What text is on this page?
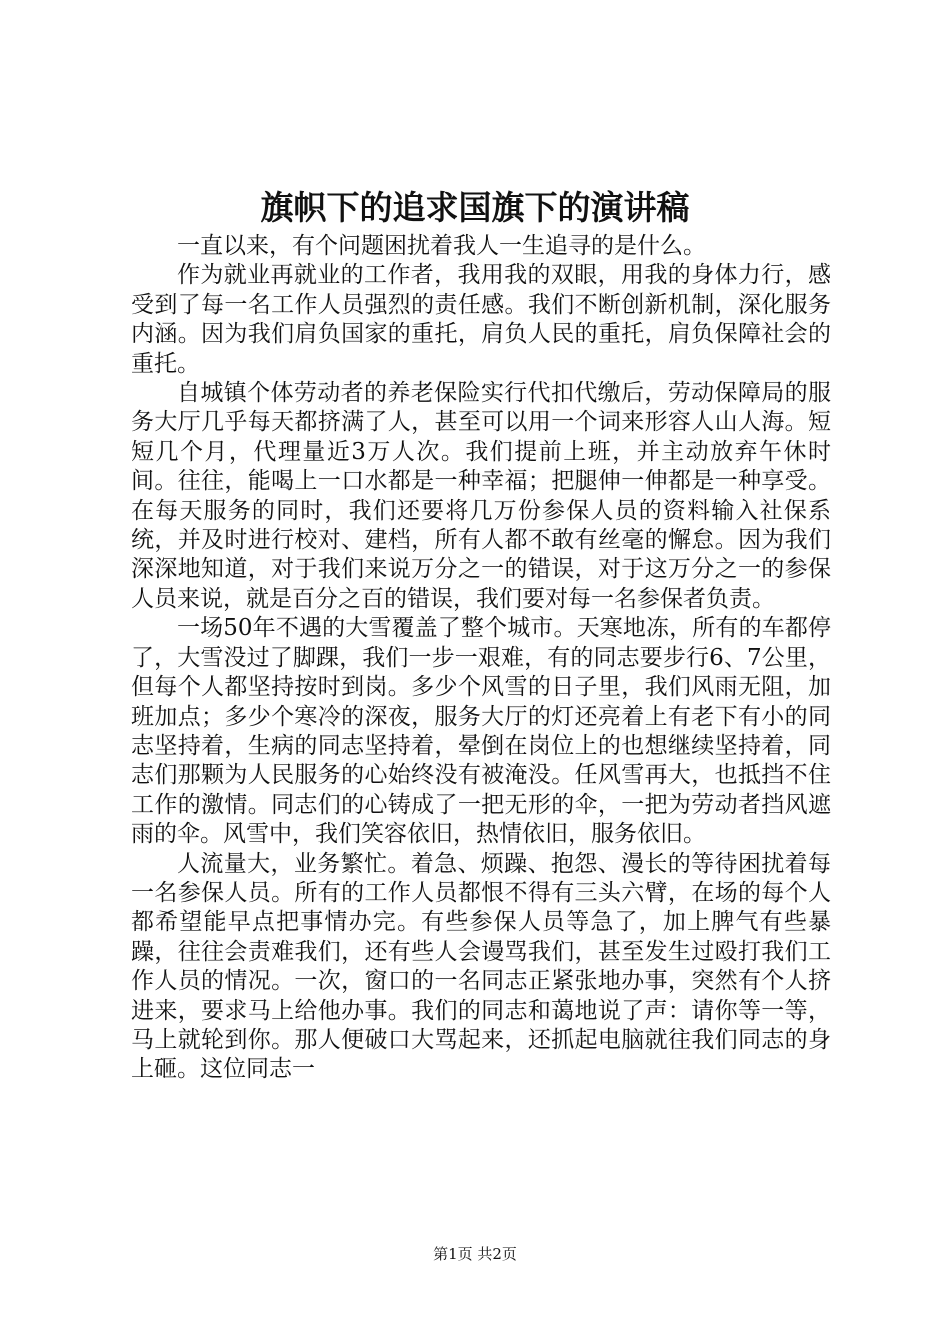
旗帜下的追求国旗下的演讲稿

一直以来，有个问题困扰着我人一生追寻的是什么。

作为就业再就业的工作者，我用我的双眼，用我的身体力行，感受到了每一名工作人员强烈的责任感。我们不断创新机制，深化服务内涵。因为我们肩负国家的重托，肩负人民的重托，肩负保障社会的重托。

自城镇个体劳动者的养老保险实行代扣代缴后，劳动保障局的服务大厅几乎每天都挤满了人，甚至可以用一个词来形容人山人海。短短几个月，代理量近3万人次。我们提前上班，并主动放弃午休时间。往往，能喝上一口水都是一种幸福；把腿伸一伸都是一种享受。在每天服务的同时，我们还要将几万份参保人员的资料输入社保系统，并及时进行校对、建档，所有人都不敢有丝毫的懈怠。因为我们深深地知道，对于我们来说万分之一的错误，对于这万分之一的参保人员来说，就是百分之百的错误，我们要对每一名参保者负责。

一场50年不遇的大雪覆盖了整个城市。天寒地冻，所有的车都停了，大雪没过了脚踝，我们一步一艰难，有的同志要步行6、7公里，但每个人都坚持按时到岗。多少个风雪的日子里，我们风雨无阻，加班加点；多少个寒冷的深夜，服务大厅的灯还亮着上有老下有小的同志坚持着，生病的同志坚持着，晕倒在岗位上的也想继续坚持着，同志们那颗为人民服务的心始终没有被淹没。任风雪再大，也抵挡不住工作的激情。同志们的心铸成了一把无形的伞，一把为劳动者挡风遮雨的伞。风雪中，我们笑容依旧，热情依旧，服务依旧。

人流量大，业务繁忙。着急、烦躁、抱怨、漫长的等待困扰着每一名参保人员。所有的工作人员都恨不得有三头六臂，在场的每个人都希望能早点把事情办完。有些参保人员等急了，加上脾气有些暴躁，往往会责难我们，还有些人会谩骂我们，甚至发生过殴打我们工作人员的情况。一次，窗口的一名同志正紧张地办事，突然有个人挤进来，要求马上给他办事。我们的同志和蔼地说了声：请你等一等，马上就轮到你。那人便破口大骂起来，还抓起电脑就往我们同志的身上砸。这位同志一

第1页 共2页
